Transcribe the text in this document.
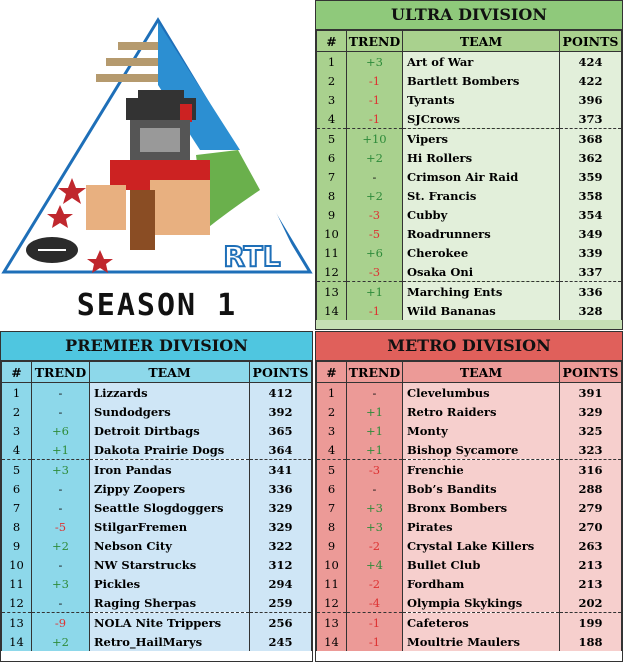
RTL
SEASON 1
ULTRA DIVISION
#	TREND	TEAM	POINTS
1	+3	Art of War	424
2	-1	Bartlett Bombers	422
3	-1	Tyrants	396
4	-1	SJCrows	373
5	+10	Vipers	368
6	+2	Hi Rollers	362
7	-	Crimson Air Raid	359
8	+2	St. Francis	358
9	-3	Cubby	354
10	-5	Roadrunners	349
11	+6	Cherokee	339
12	-3	Osaka Oni	337
13	+1	Marching Ents	336
14	-1	Wild Bananas	328
PREMIER DIVISION
#	TREND	TEAM	POINTS
1	-	Lizzards	412
2	-	Sundodgers	392
3	+6	Detroit Dirtbags	365
4	+1	Dakota Prairie Dogs	364
5	+3	Iron Pandas	341
6	-	Zippy Zoopers	336
7	-	Seattle Slogdoggers	329
8	-5	StilgarFremen	329
9	+2	Nebson City	322
10	-	NW Starstrucks	312
11	+3	Pickles	294
12	-	Raging Sherpas	259
13	-9	NOLA Nite Trippers	256
14	+2	Retro_HailMarys	245
METRO DIVISION
#	TREND	TEAM	POINTS
1	-	Clevelumbus	391
2	+1	Retro Raiders	329
3	+1	Monty	325
4	+1	Bishop Sycamore	323
5	-3	Frenchie	316
6	-	Bob’s Bandits	288
7	+3	Bronx Bombers	279
8	+3	Pirates	270
9	-2	Crystal Lake Killers	263
10	+4	Bullet Club	213
11	-2	Fordham	213
12	-4	Olympia Skykings	202
13	-1	Cafeteros	199
14	-1	Moultrie Maulers	188
